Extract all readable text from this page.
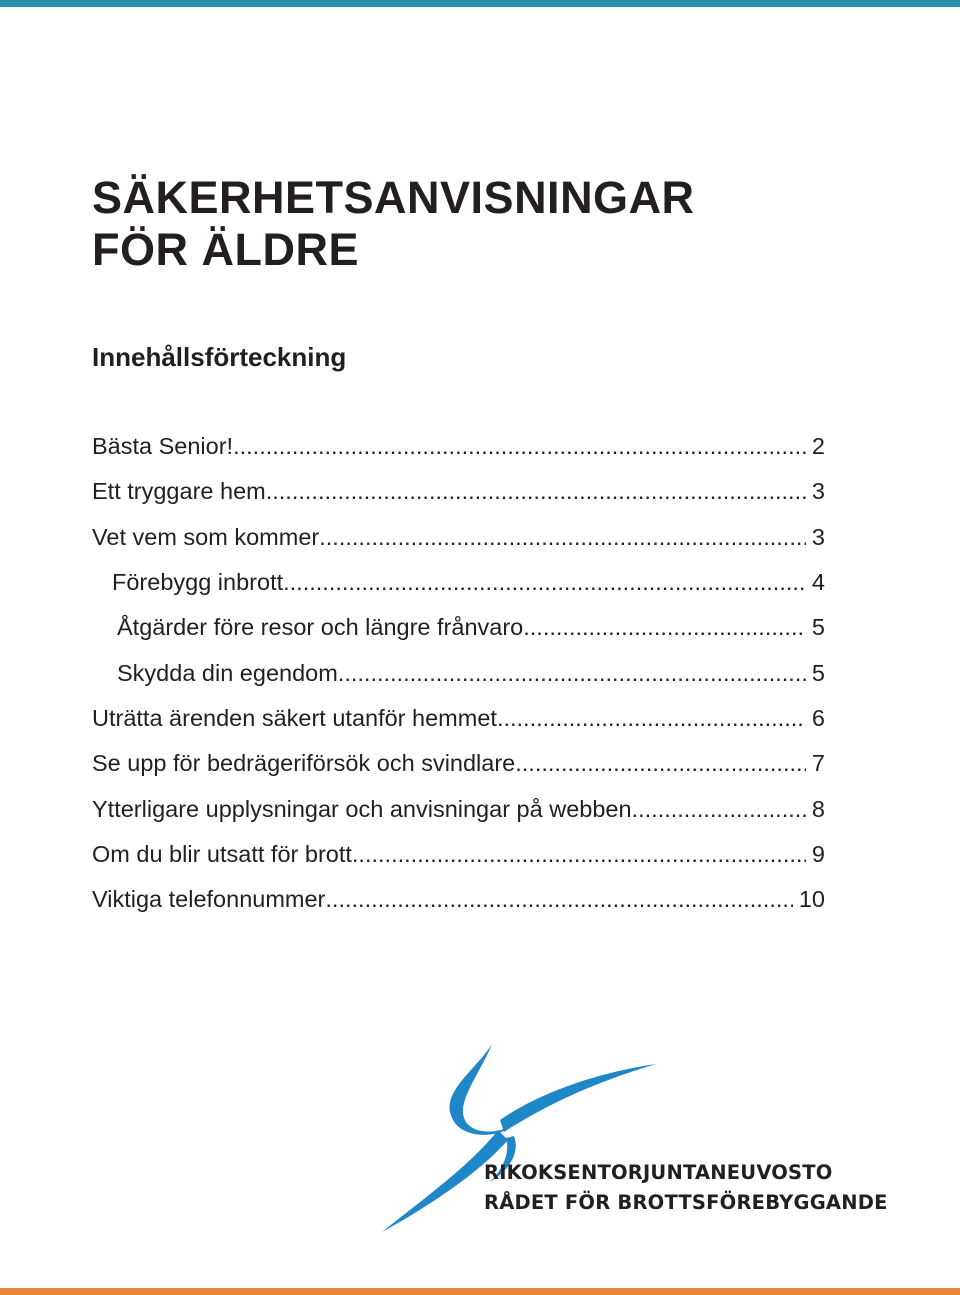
SÄKERHETSANVISNINGAR
FÖR ÄLDRE
Innehållsförteckning
Bästa Senior! .....	2
Ett tryggare hem .....	3
Vet vem som kommer .....	3
Förebygg inbrott .....	4
Åtgärder före resor och längre frånvaro .....	5
Skydda din egendom .....	5
Uträtta ärenden säkert utanför hemmet .....	6
Se upp för bedrägeriförsök och svindlare .....	7
Ytterligare upplysningar och anvisningar på webben .....	8
Om du blir utsatt för brott .....	9
Viktiga telefonnummer .....	10
RIKOKSENTORJUNTANEUVOSTO
RÅDET FÖR BROTTSFÖREBYGGANDE
